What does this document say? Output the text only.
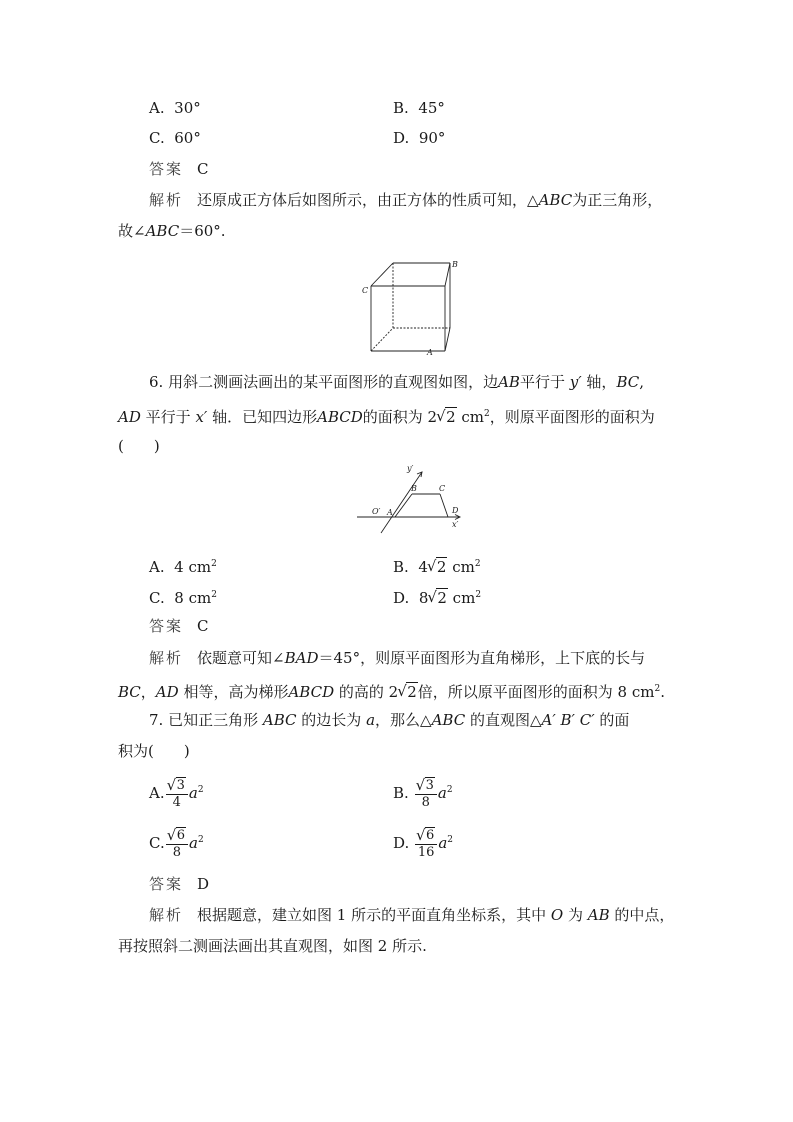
A. 30°	B. 45°
C. 60°	D. 90°
答案 C
解析 还原成正方体后如图所示，由正方体的性质可知，△ABC为正三角形，
故∠ABC＝60°.
B
C
A
6. 用斜二测画法画出的某平面图形的直观图如图，边AB平行于 y′ 轴，BC,
AD 平行于 x′ 轴．已知四边形ABCD的面积为 2 √ 2 $cm^2$，则原平面图形的面积为
(　　)
y′
B	C
O′ A	D
x′
A. 4 $cm^2$	B. 4 √ 2 $cm^2$
C. 8 $cm^2$	D. 8 √ 2 $cm^2$
答案 C
解析 依题意可知∠BAD＝45°，则原平面图形为直角梯形，上下底的长与
BC，AD 相等，高为梯形ABCD 的高的 2 √ 2倍，所以原平面图形的面积为 8 $cm^2$.
7. 已知正三角形 ABC 的边长为 a，那么△ABC 的直观图△A′ B′ C′ 的面
积为(　　)
A. √ $\frac{3}{4} a^2$	B. √ $\frac{3}{8} a^2$
C. √ $\frac{6}{8} a^2$	D. √ $\frac{6}{16} a^2$
答案 D
解析 根据题意，建立如图 1 所示的平面直角坐标系，其中 O 为 AB 的中点，
再按照斜二测画法画出其直观图，如图 2 所示.
